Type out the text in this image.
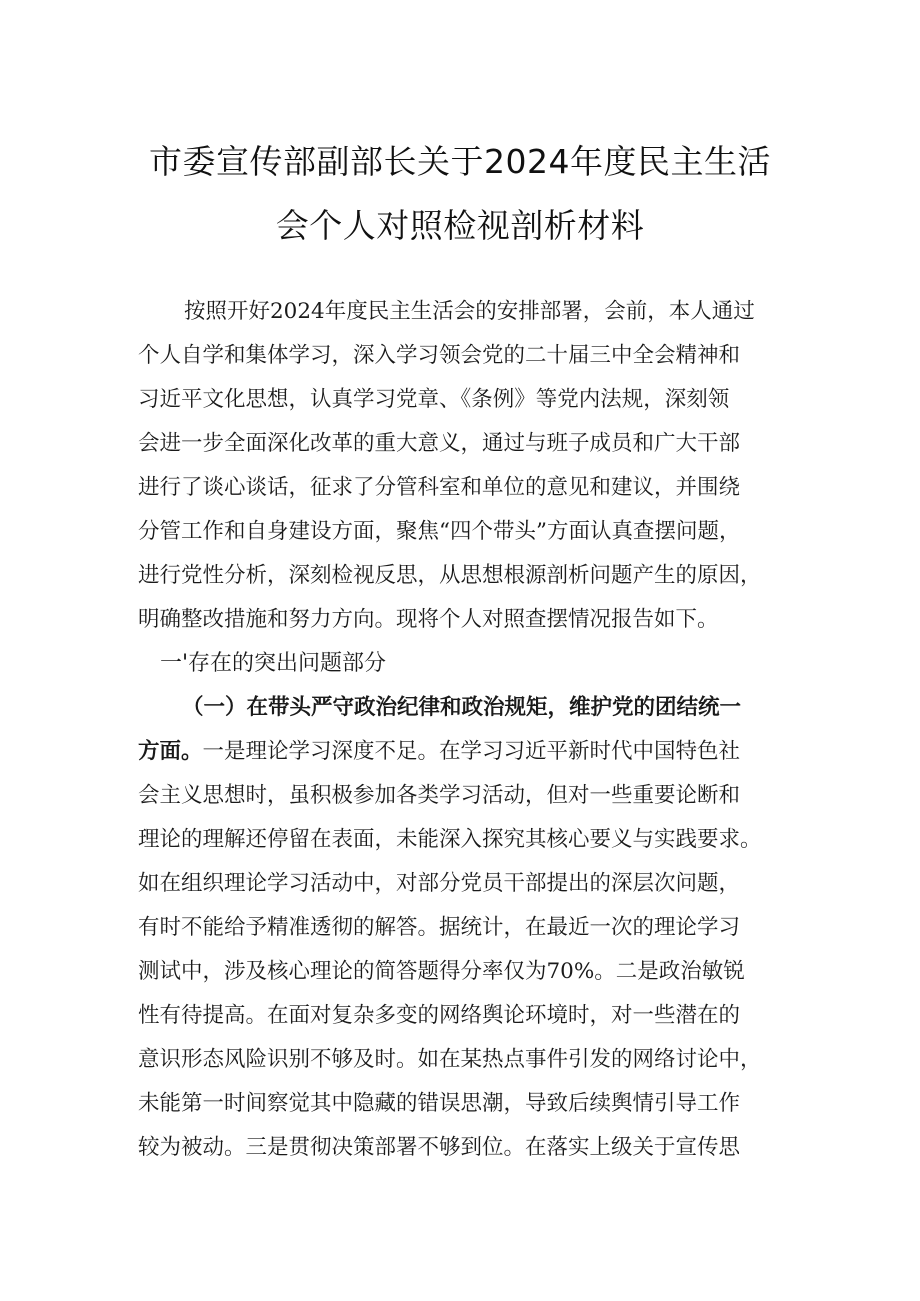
市委宣传部副部长关于2024年度民主生活
会个人对照检视剖析材料
按照开好2024年度民主生活会的安排部署，会前，本人通过
个人自学和集体学习，深入学习领会党的二十届三中全会精神和
习近平文化思想，认真学习党章、《条例》等党内法规，深刻领
会进一步全面深化改革的重大意义，通过与班子成员和广大干部
进行了谈心谈话，征求了分管科室和单位的意见和建议，并围绕
分管工作和自身建设方面，聚焦“四个带头”方面认真查摆问题，
进行党性分析，深刻检视反思，从思想根源剖析问题产生的原因，
明确整改措施和努力方向。现将个人对照查摆情况报告如下。
一'存在的突出问题部分
（一）在带头严守政治纪律和政治规矩，维护党的团结统一
方面。一是理论学习深度不足。在学习习近平新时代中国特色社
会主义思想时，虽积极参加各类学习活动，但对一些重要论断和
理论的理解还停留在表面，未能深入探究其核心要义与实践要求。
如在组织理论学习活动中，对部分党员干部提出的深层次问题，
有时不能给予精准透彻的解答。据统计，在最近一次的理论学习
测试中，涉及核心理论的简答题得分率仅为70%。二是政治敏锐
性有待提高。在面对复杂多变的网络舆论环境时，对一些潜在的
意识形态风险识别不够及时。如在某热点事件引发的网络讨论中，
未能第一时间察觉其中隐藏的错误思潮，导致后续舆情引导工作
较为被动。三是贯彻决策部署不够到位。在落实上级关于宣传思
